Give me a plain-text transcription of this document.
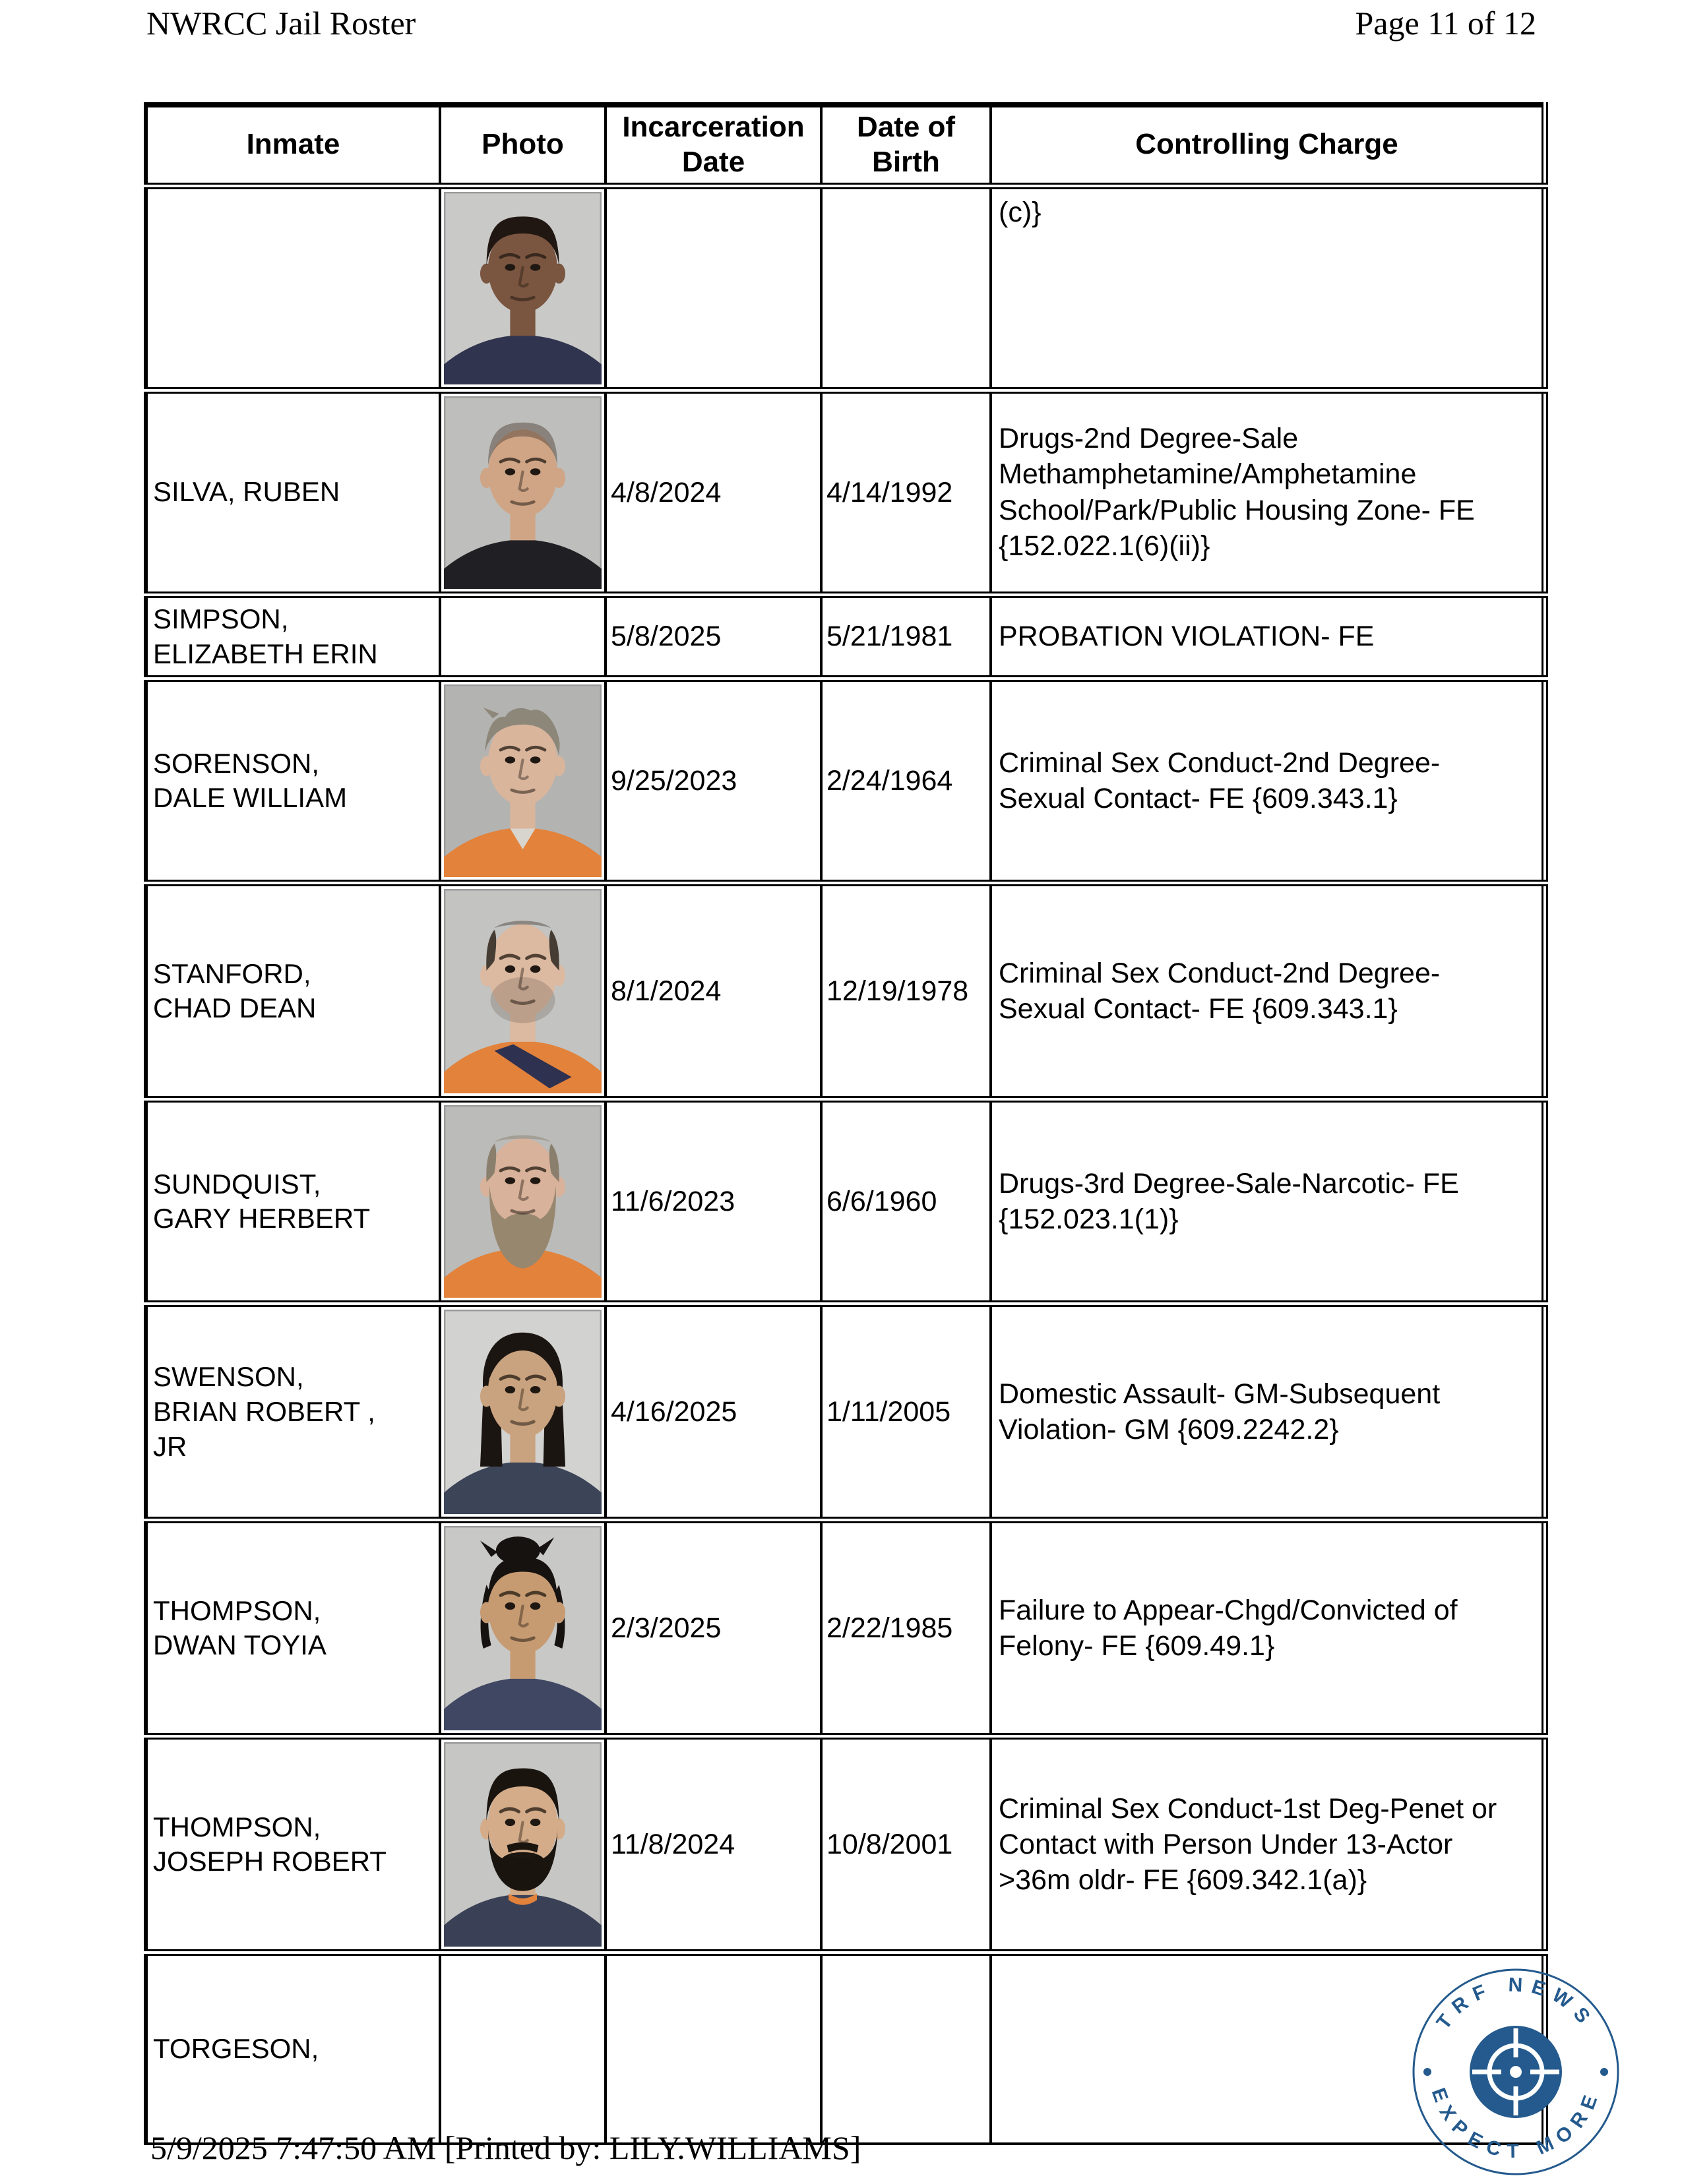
NWRCC Jail Roster	Page 11 of 12
Inmate	Photo	Incarceration Date	Date of Birth	Controlling Charge

			(c)}
SILVA, RUBEN		4/8/2024	4/14/1992	Drugs-2nd Degree-Sale Methamphetamine/Amphetamine School/Park/Public Housing Zone- FE {152.022.1(6)(ii)}
SIMPSON, ELIZABETH ERIN		5/8/2025	5/21/1981	PROBATION VIOLATION- FE
SORENSON, DALE WILLIAM		9/25/2023	2/24/1964	Criminal Sex Conduct-2nd Degree-Sexual Contact- FE {609.343.1}
STANFORD, CHAD DEAN		8/1/2024	12/19/1978	Criminal Sex Conduct-2nd Degree-Sexual Contact- FE {609.343.1}
SUNDQUIST, GARY HERBERT		11/6/2023	6/6/1960	Drugs-3rd Degree-Sale-Narcotic- FE {152.023.1(1)}
SWENSON, BRIAN ROBERT , JR		4/16/2025	1/11/2005	Domestic Assault- GM-Subsequent Violation- GM {609.2242.2}
THOMPSON, DWAN TOYIA		2/3/2025	2/22/1985	Failure to Appear-Chgd/Convicted of Felony- FE {609.49.1}
THOMPSON, JOSEPH ROBERT		11/8/2024	10/8/2001	Criminal Sex Conduct-1st Deg-Penet or Contact with Person Under 13-Actor >36m oldr- FE {609.342.1(a)}
TORGESON,				
TRF NEWS
EXPECT MORE
5/9/2025 7:47:50 AM [Printed by: LILY.WILLIAMS]
